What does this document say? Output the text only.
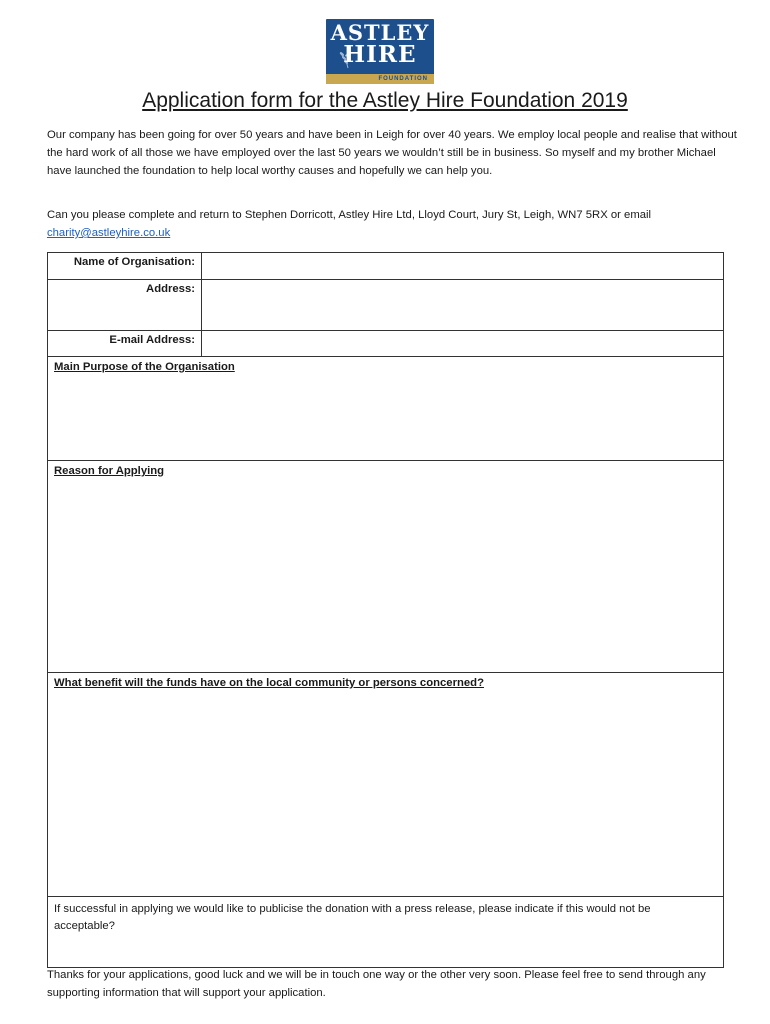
ASTLEY
HIRE
FOUNDATION
Application form for the Astley Hire Foundation 2019

Our company has been going for over 50 years and have been in Leigh for over 40 years. We employ local people and realise that without the hard work of all those we have employed over the last 50 years we wouldn’t still be in business. So myself and my brother Michael have launched the foundation to help local worthy causes and hopefully we can help you.

Can you please complete and return to Stephen Dorricott, Astley Hire Ltd, Lloyd Court, Jury St, Leigh, WN7 5RX or email charity@astleyhire.co.uk

Name of Organisation:	
Address:	
E-mail Address:	
Main Purpose of the Organisation	
Reason for Applying	
What benefit will the funds have on the local community or persons concerned?	

If successful in applying we would like to publicise the donation with a press release, please indicate if this would not be acceptable?	

Thanks for your applications, good luck and we will be in touch one way or the other very soon. Please feel free to send through any supporting information that will support your application.
